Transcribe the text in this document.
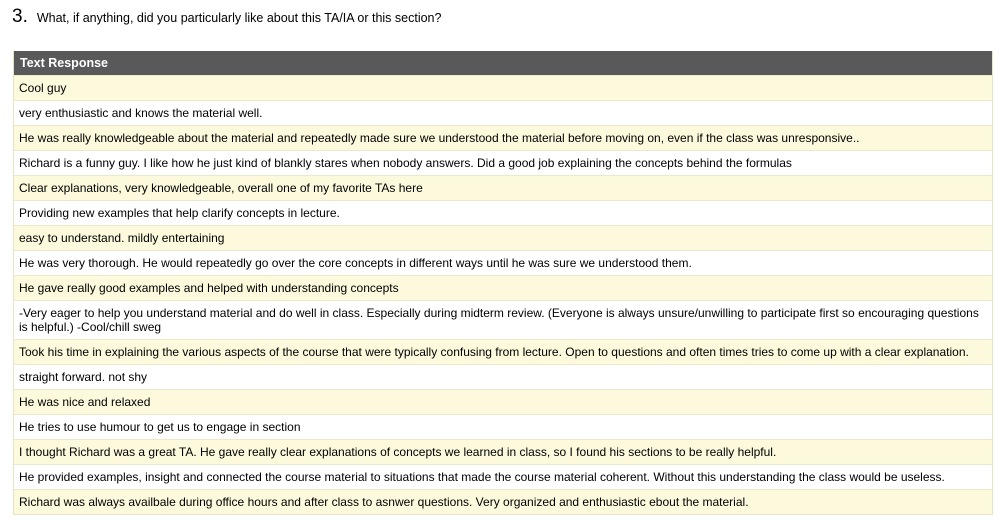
3. What, if anything, did you particularly like about this TA/IA or this section?
Text Response
Cool guy
very enthusiastic and knows the material well.
He was really knowledgeable about the material and repeatedly made sure we understood the material before moving on, even if the class was unresponsive..
Richard is a funny guy. I like how he just kind of blankly stares when nobody answers. Did a good job explaining the concepts behind the formulas
Clear explanations, very knowledgeable, overall one of my favorite TAs here
Providing new examples that help clarify concepts in lecture.
easy to understand. mildly entertaining
He was very thorough. He would repeatedly go over the core concepts in different ways until he was sure we understood them.
He gave really good examples and helped with understanding concepts
-Very eager to help you understand material and do well in class. Especially during midterm review. (Everyone is always unsure/unwilling to participate first so encouraging questions is helpful.) -Cool/chill sweg
Took his time in explaining the various aspects of the course that were typically confusing from lecture. Open to questions and often times tries to come up with a clear explanation.
straight forward. not shy
He was nice and relaxed
He tries to use humour to get us to engage in section
I thought Richard was a great TA. He gave really clear explanations of concepts we learned in class, so I found his sections to be really helpful.
He provided examples, insight and connected the course material to situations that made the course material coherent. Without this understanding the class would be useless.
Richard was always availbale during office hours and after class to asnwer questions. Very organized and enthusiastic ebout the material.
